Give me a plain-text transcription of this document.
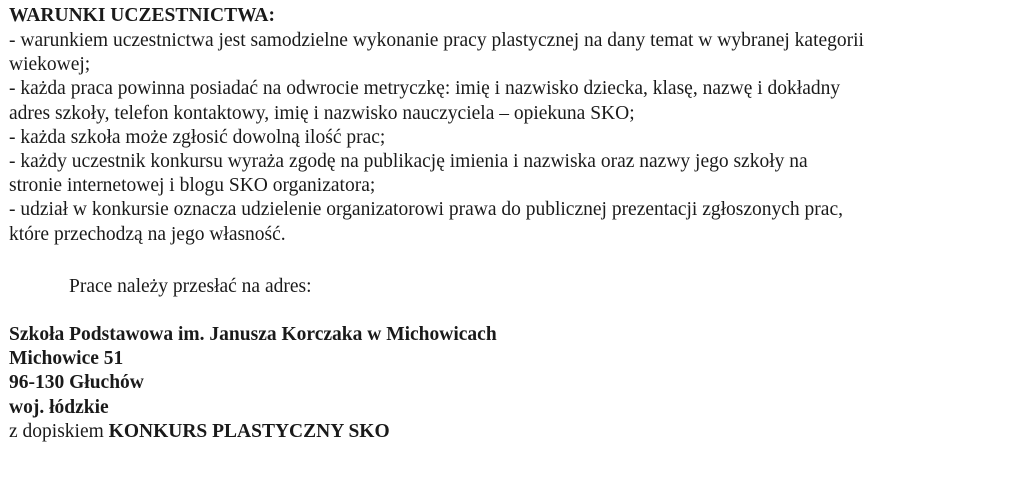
WARUNKI UCZESTNICTWA:

- warunkiem uczestnictwa jest samodzielne wykonanie pracy plastycznej na dany temat w wybranej kategorii

wiekowej;

- każda praca powinna posiadać na odwrocie metryczkę: imię i nazwisko dziecka, klasę, nazwę i dokładny

adres szkoły, telefon kontaktowy, imię i nazwisko nauczyciela – opiekuna SKO;

- każda szkoła może zgłosić dowolną ilość prac;

- każdy uczestnik konkursu wyraża zgodę na publikację imienia i nazwiska oraz nazwy jego szkoły na

stronie internetowej i blogu SKO organizatora;

- udział w konkursie oznacza udzielenie organizatorowi prawa do publicznej prezentacji zgłoszonych prac,

które przechodzą na jego własność.

Prace należy przesłać na adres:

Szkoła Podstawowa im. Janusza Korczaka w Michowicach

Michowice 51

96-130 Głuchów

woj. łódzkie

z dopiskiem KONKURS PLASTYCZNY SKO
